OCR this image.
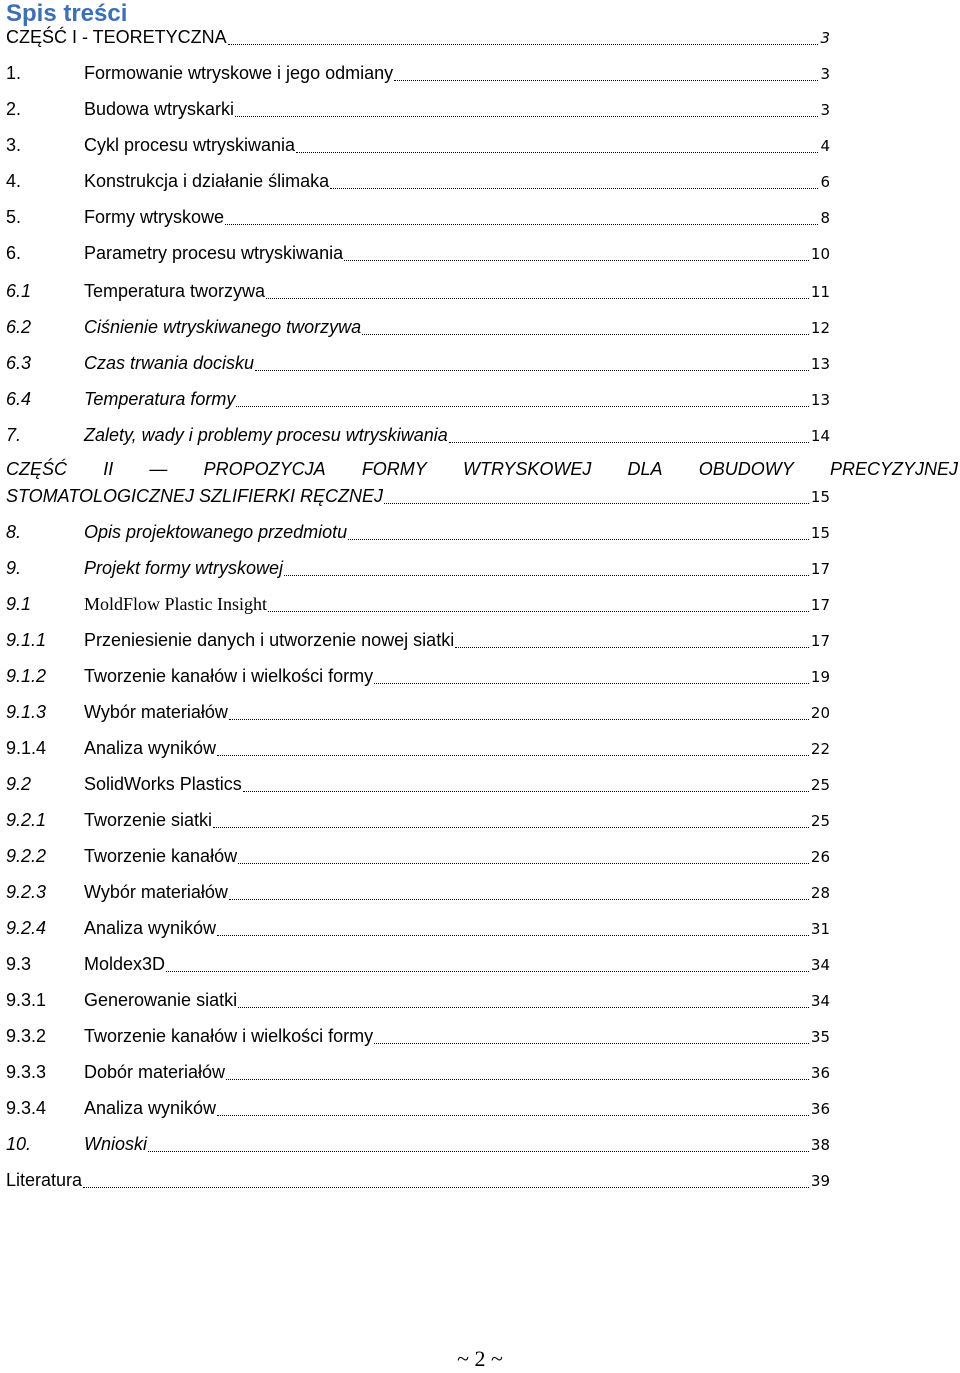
Spis treści
CZĘŚĆ I - TEORETYCZNA	3
1.	Formowanie wtryskowe i jego odmiany	3
2.	Budowa wtryskarki	3
3.	Cykl procesu wtryskiwania	4
4.	Konstrukcja i działanie ślimaka	6
5.	Formy wtryskowe	8
6.	Parametry procesu wtryskiwania	10
6.1	Temperatura tworzywa	11
6.2	Ciśnienie wtryskiwanego tworzywa	12
6.3	Czas trwania docisku	13
6.4	Temperatura formy	13
7.	Zalety, wady i problemy procesu wtryskiwania	14
CZĘŚĆ II — PROPOZYCJA FORMY WTRYSKOWEJ DLA OBUDOWY PRECYZYJNEJ
STOMATOLOGICZNEJ SZLIFIERKI RĘCZNEJ	15
8.	Opis projektowanego przedmiotu	15
9.	Projekt formy wtryskowej	17
9.1	MoldFlow Plastic Insight	17
9.1.1	Przeniesienie danych i utworzenie nowej siatki	17
9.1.2	Tworzenie kanałów i wielkości formy	19
9.1.3	Wybór materiałów	20
9.1.4	Analiza wyników	22
9.2	SolidWorks Plastics	25
9.2.1	Tworzenie siatki	25
9.2.2	Tworzenie kanałów	26
9.2.3	Wybór materiałów	28
9.2.4	Analiza wyników	31
9.3	Moldex3D	34
9.3.1	Generowanie siatki	34
9.3.2	Tworzenie kanałów i wielkości formy	35
9.3.3	Dobór materiałów	36
9.3.4	Analiza wyników	36
10.	Wnioski	38
Literatura	39
~ 2 ~
